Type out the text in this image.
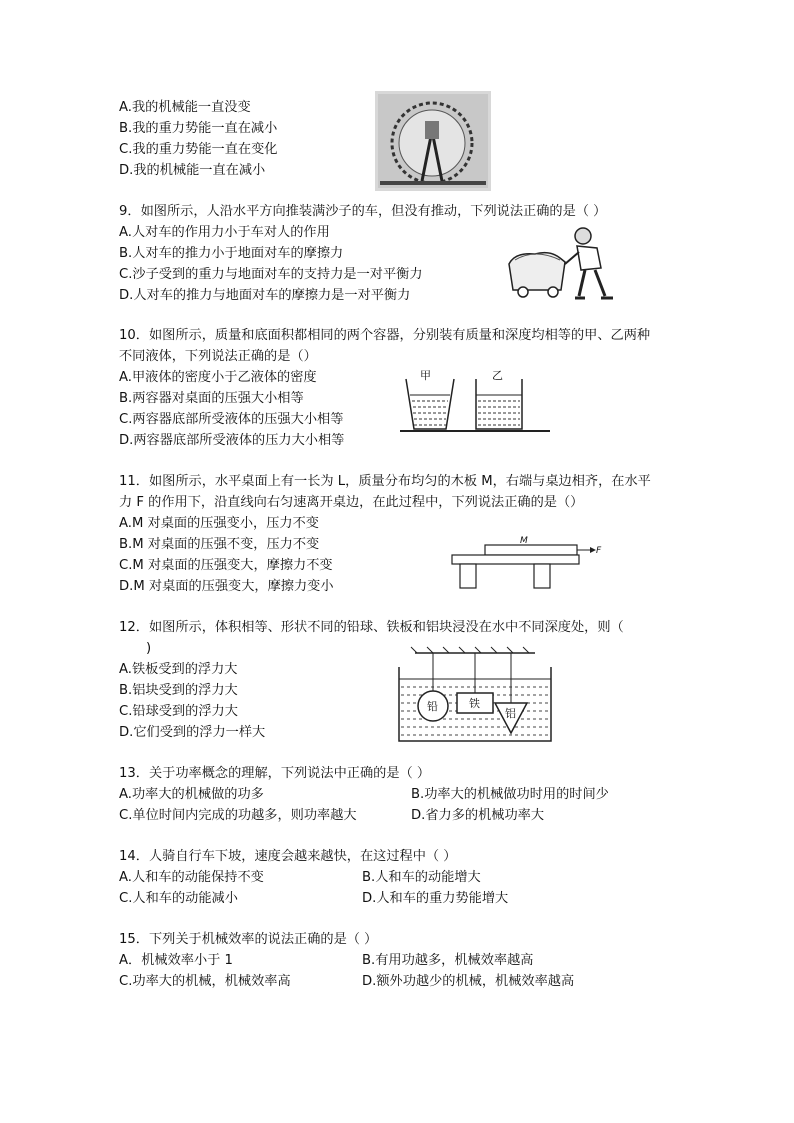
A.我的机械能一直没变
B.我的重力势能一直在减小
C.我的重力势能一直在变化
D.我的机械能一直在减小
9．如图所示，人沿水平方向推装满沙子的车，但没有推动，下列说法正确的是（ ）
A.人对车的作用力小于车对人的作用
B.人对车的推力小于地面对车的摩擦力
C.沙子受到的重力与地面对车的支持力是一对平衡力
D.人对车的推力与地面对车的摩擦力是一对平衡力
10．如图所示，质量和底面积都相同的两个容器，分别装有质量和深度均相等的甲、乙两种
不同液体，下列说法正确的是（）
A.甲液体的密度小于乙液体的密度
B.两容器对桌面的压强大小相等
C.两容器底部所受液体的压强大小相等
D.两容器底部所受液体的压力大小相等
甲	乙
11．如图所示，水平桌面上有一长为 L，质量分布均匀的木板 M，右端与桌边相齐，在水平
力 F 的作用下，沿直线向右匀速离开桌边，在此过程中，下列说法正确的是（）
A.M 对桌面的压强变小，压力不变
B.M 对桌面的压强不变，压力不变
C.M 对桌面的压强变大，摩擦力不变
D.M 对桌面的压强变大，摩擦力变小
M
F
12．如图所示，体积相等、形状不同的铅球、铁板和铝块浸没在水中不同深度处，则（
)
A.铁板受到的浮力大
B.铝块受到的浮力大
C.铅球受到的浮力大
D.它们受到的浮力一样大
铅	铁
铝
13．关于功率概念的理解，下列说法中正确的是（ ）
A.功率大的机械做的功多	B.功率大的机械做功时用的时间少
C.单位时间内完成的功越多，则功率越大	D.省力多的机械功率大
14．人骑自行车下坡，速度会越来越快，在这过程中（ ）
A.人和车的动能保持不变	B.人和车的动能增大
C.人和车的动能减小	D.人和车的重力势能增大
15．下列关于机械效率的说法正确的是（ ）
A．机械效率小于 1	B.有用功越多，机械效率越高
C.功率大的机械，机械效率高	D.额外功越少的机械，机械效率越高
